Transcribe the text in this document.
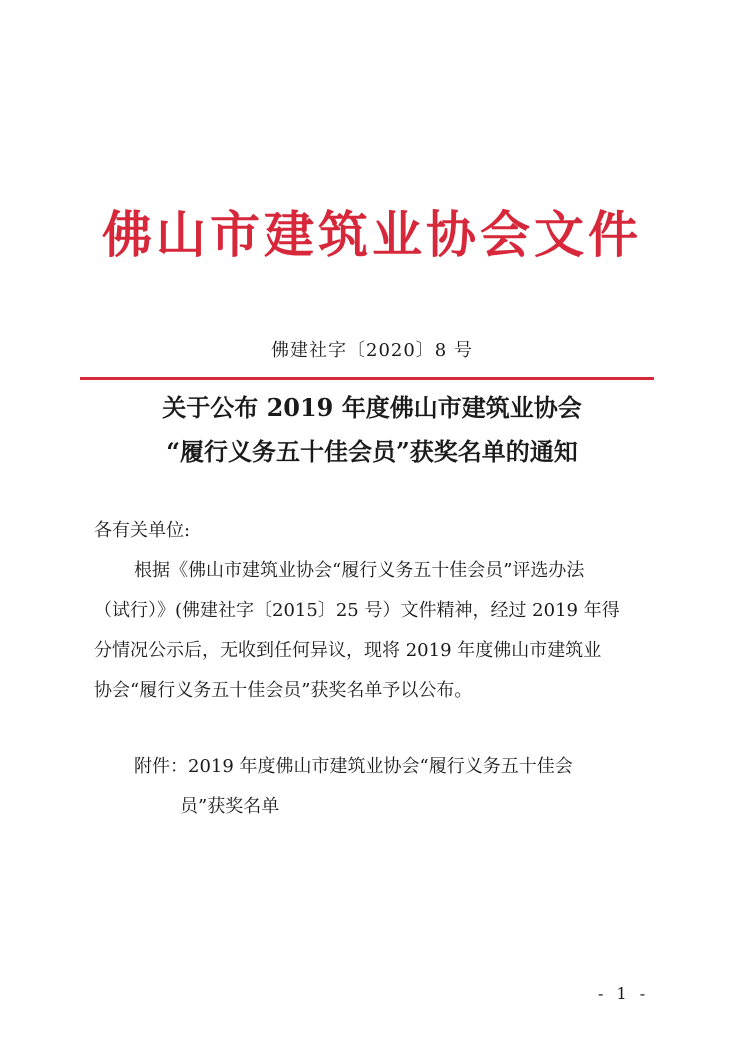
佛山市建筑业协会文件
佛建社字〔2020〕8 号
关于公布 2019 年度佛山市建筑业协会
“履行义务五十佳会员”获奖名单的通知
各有关单位:
根据《佛山市建筑业协会“履行义务五十佳会员”评选办法
（试行）》(佛建社字〔2015〕25 号）文件精神，经过 2019 年得
分情况公示后，无收到任何异议，现将 2019 年度佛山市建筑业
协会“履行义务五十佳会员”获奖名单予以公布。
附件：2019 年度佛山市建筑业协会“履行义务五十佳会
员”获奖名单
- 1 -
